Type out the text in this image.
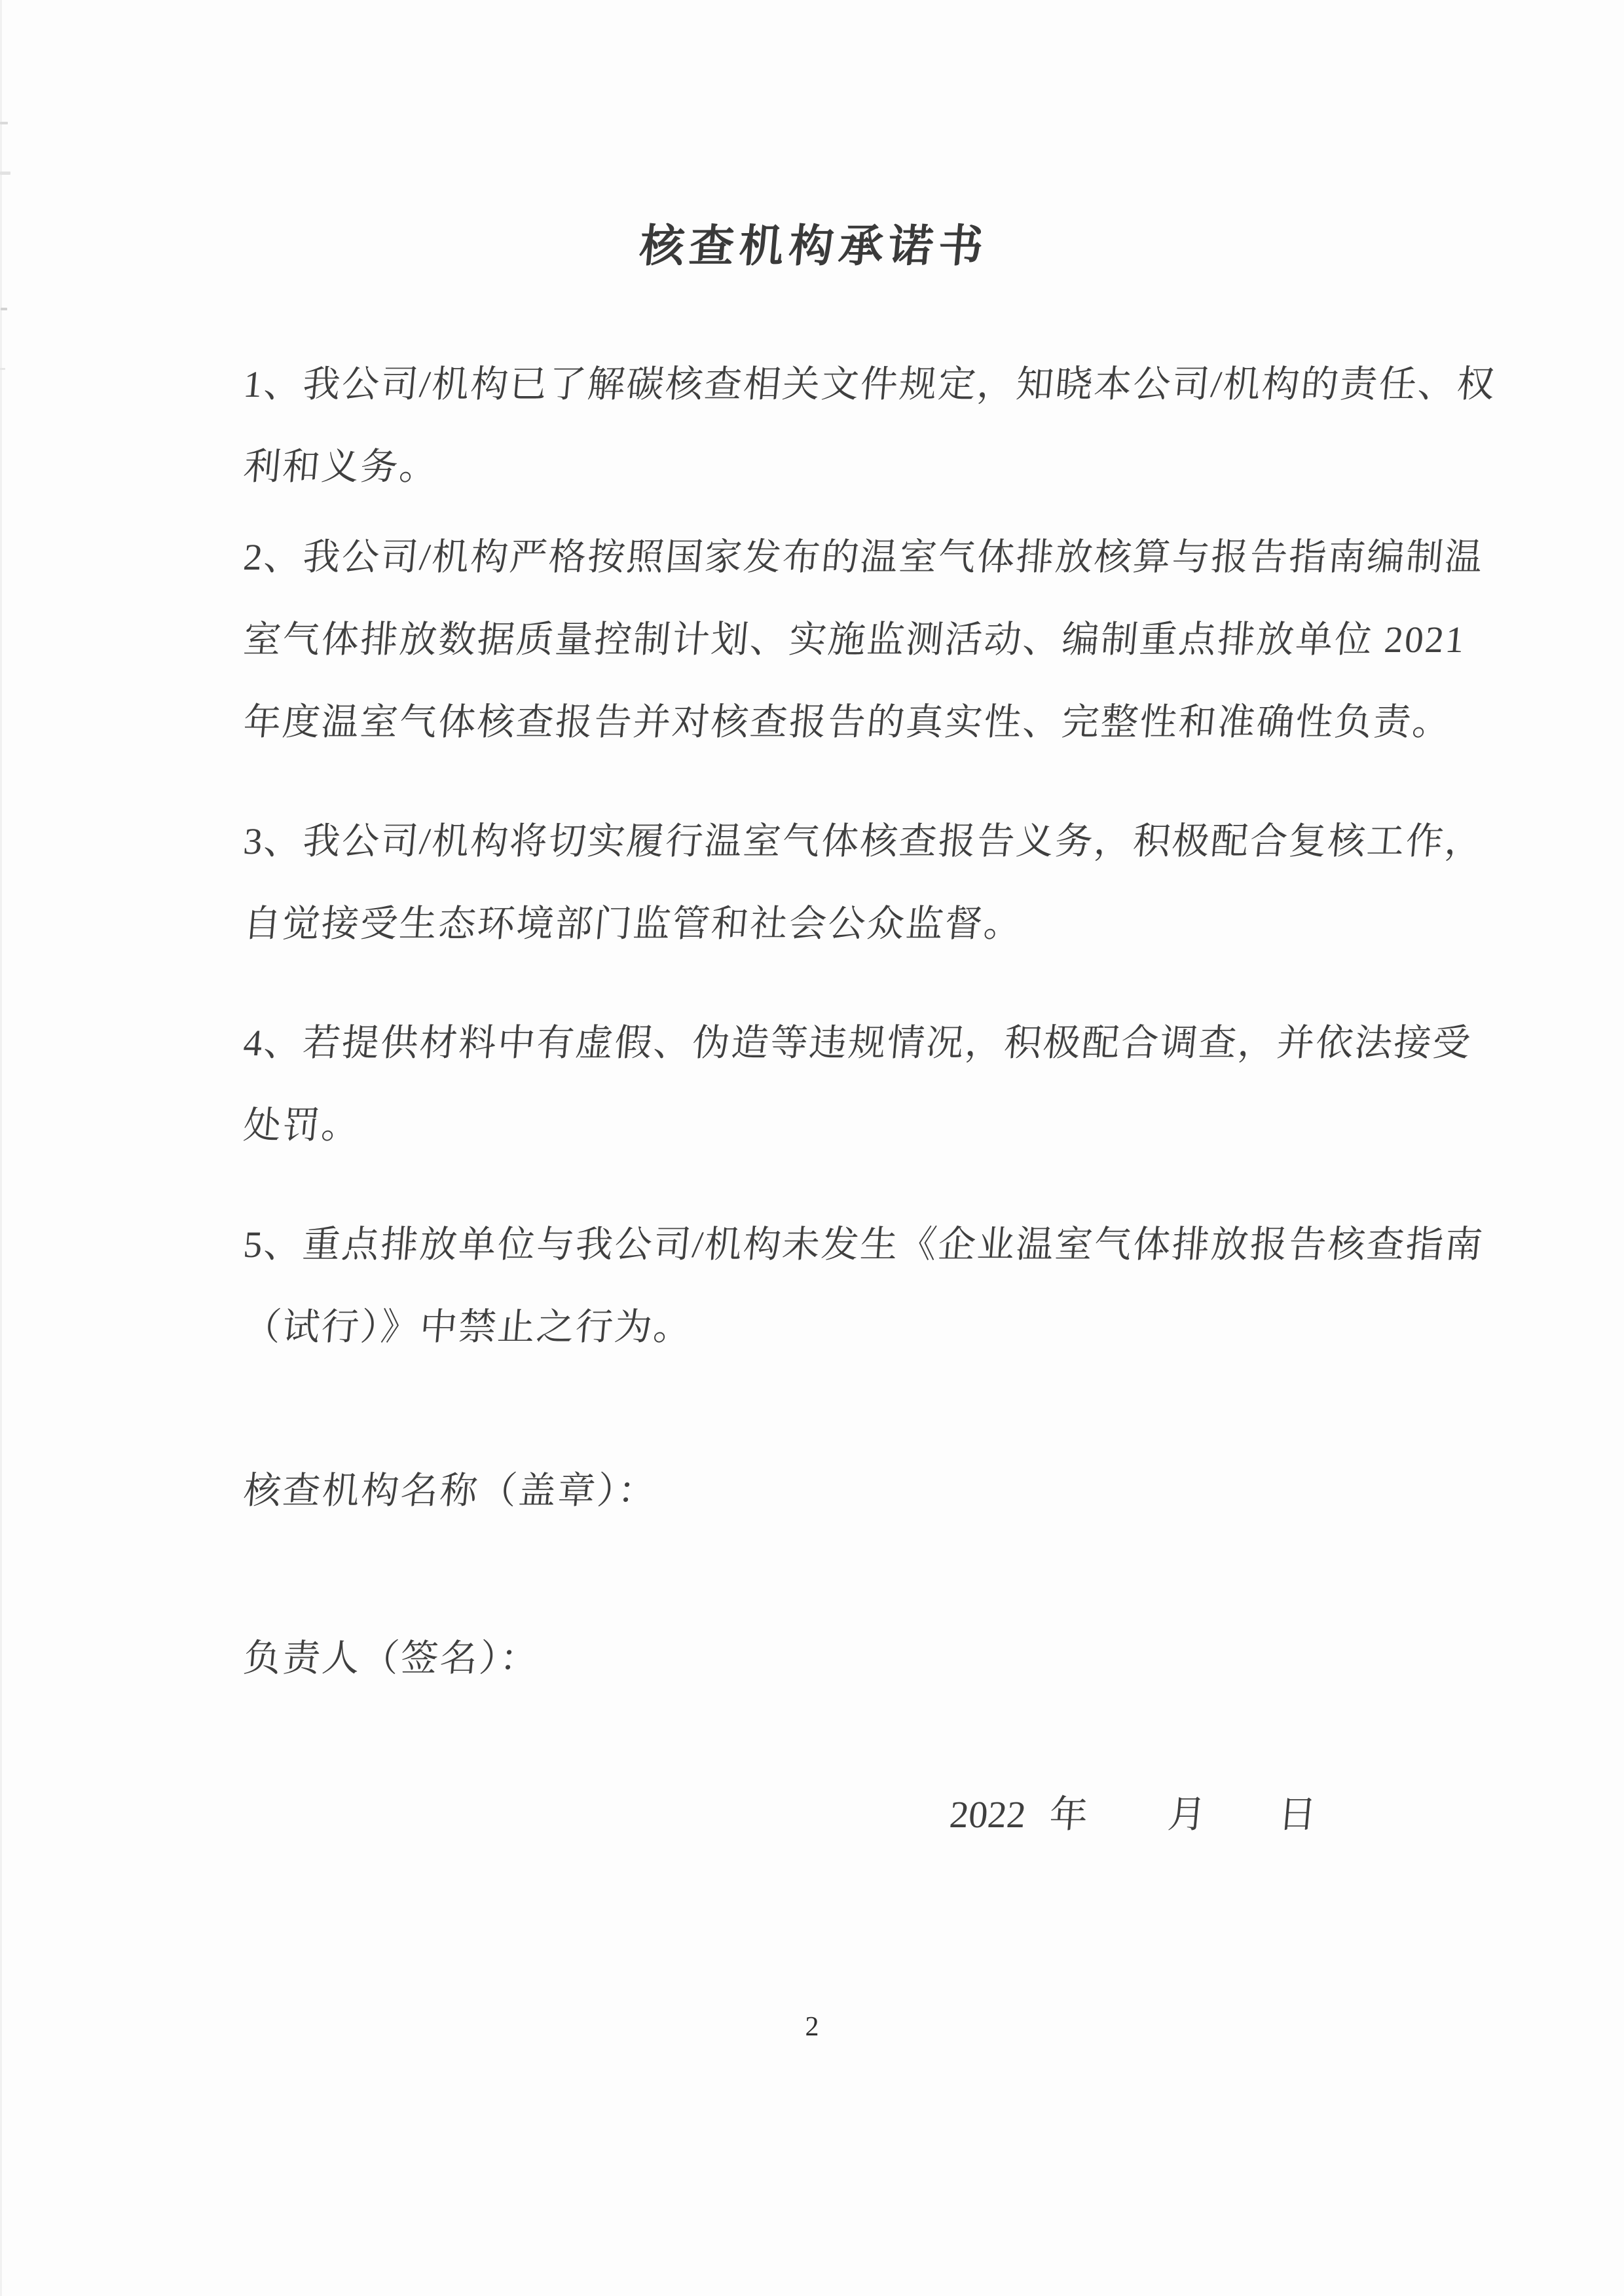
核查机构承诺书
1、我公司/机构已了解碳核查相关文件规定，知晓本公司/机构的责任、权
利和义务。
2、我公司/机构严格按照国家发布的温室气体排放核算与报告指南编制温
室气体排放数据质量控制计划、实施监测活动、编制重点排放单位 2021
年度温室气体核查报告并对核查报告的真实性、完整性和准确性负责。
3、我公司/机构将切实履行温室气体核查报告义务，积极配合复核工作，
自觉接受生态环境部门监管和社会公众监督。
4、若提供材料中有虚假、伪造等违规情况，积极配合调查，并依法接受
处罚。
5、重点排放单位与我公司/机构未发生《企业温室气体排放报告核查指南
（试行）》中禁止之行为。
核查机构名称（盖章）：
负责人（签名）：
2022 年 月 日
2
